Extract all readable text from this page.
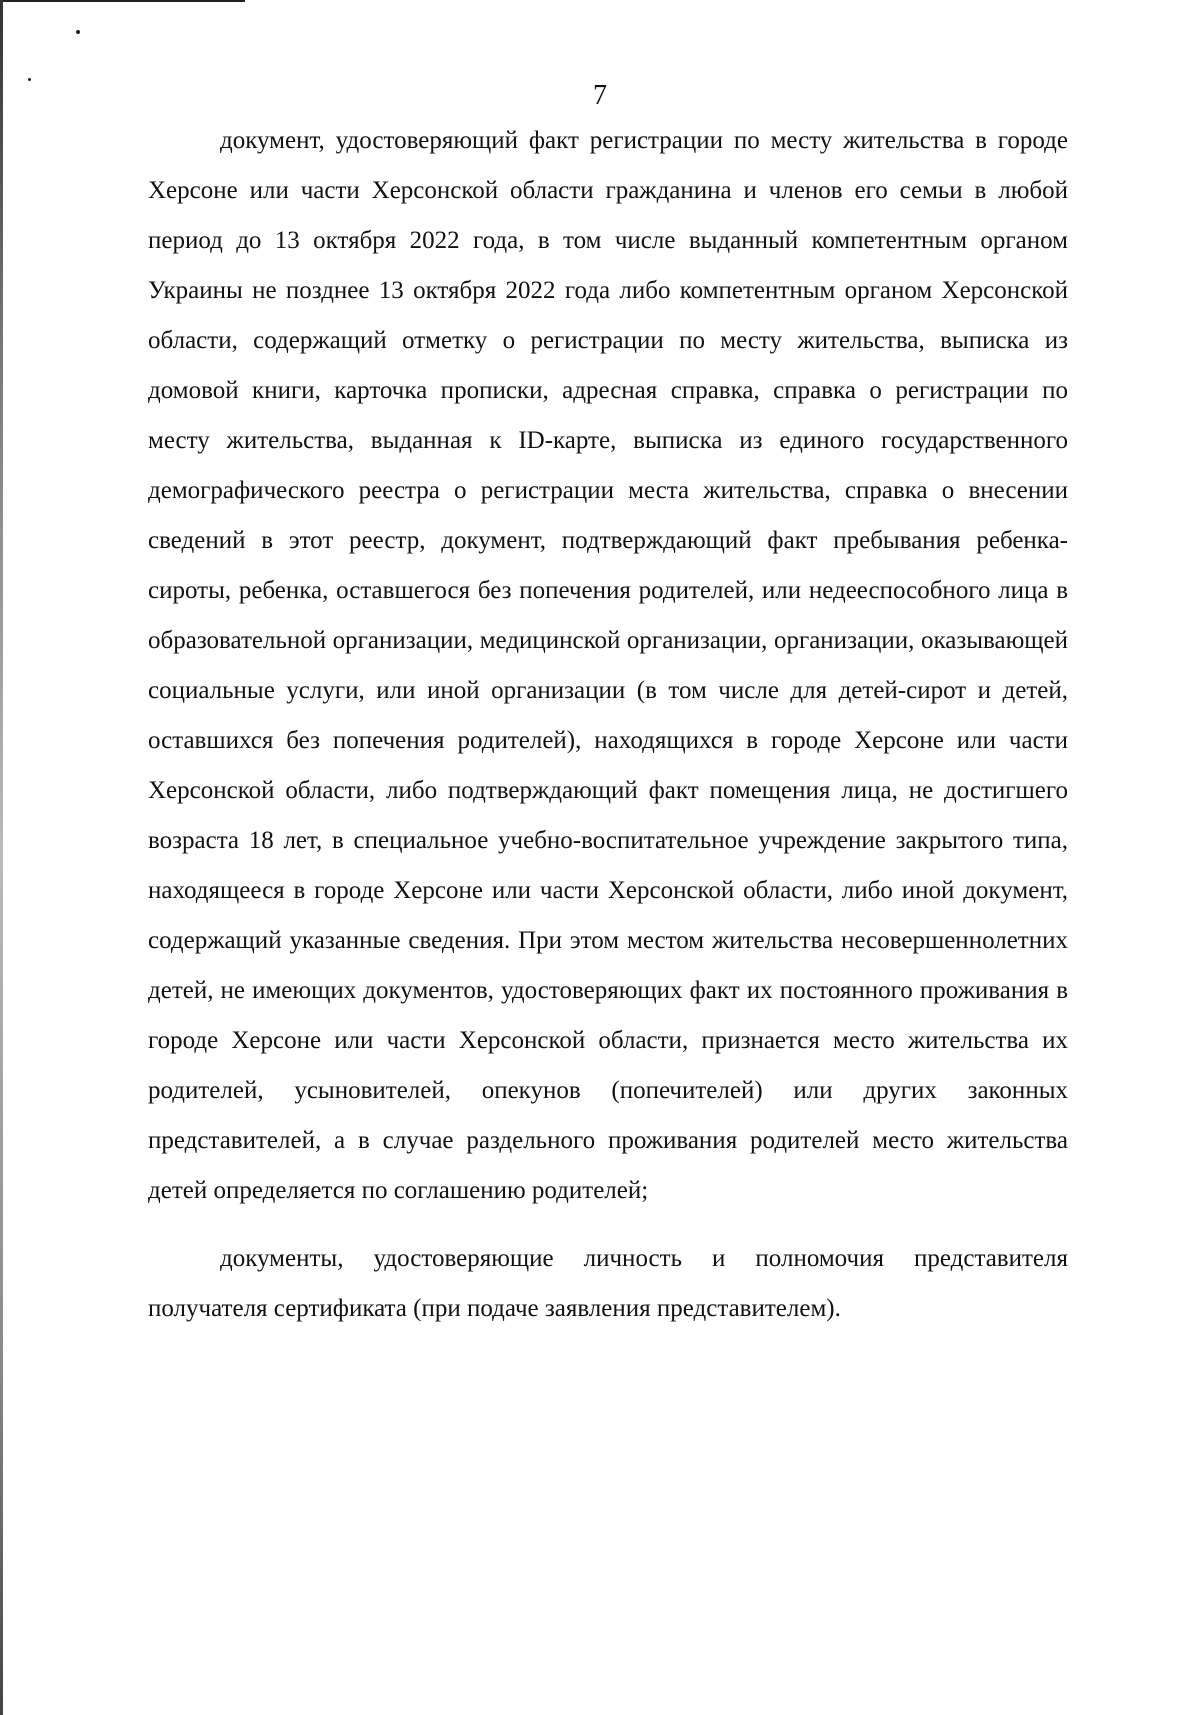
7

документ, удостоверяющий факт регистрации по месту жительства в городе Херсоне или части Херсонской области гражданина и членов его семьи в любой период до 13 октября 2022 года, в том числе выданный компетентным органом Украины не позднее 13 октября 2022 года либо компетентным органом Херсонской области, содержащий отметку о регистрации по месту жительства, выписка из домовой книги, карточка прописки, адресная справка, справка о регистрации по месту жительства, выданная к ID-карте, выписка из единого государственного демографического реестра о регистрации места жительства, справка о внесении сведений в этот реестр, документ, подтверждающий факт пребывания ребенка-сироты, ребенка, оставшегося без попечения родителей, или недееспособного лица в образовательной организации, медицинской организации, организации, оказывающей социальные услуги, или иной организации (в том числе для детей-сирот и детей, оставшихся без попечения родителей), находящихся в городе Херсоне или части Херсонской области, либо подтверждающий факт помещения лица, не достигшего возраста 18 лет, в специальное учебно-воспитательное учреждение закрытого типа, находящееся в городе Херсоне или части Херсонской области, либо иной документ, содержащий указанные сведения. При этом местом жительства несовершеннолетних детей, не имеющих документов, удостоверяющих факт их постоянного проживания в городе Херсоне или части Херсонской области, признается место жительства их родителей, усыновителей, опекунов (попечителей) или других законных представителей, а в случае раздельного проживания родителей место жительства детей определяется по соглашению родителей;

документы, удостоверяющие личность и полномочия представителя получателя сертификата (при подаче заявления представителем).
